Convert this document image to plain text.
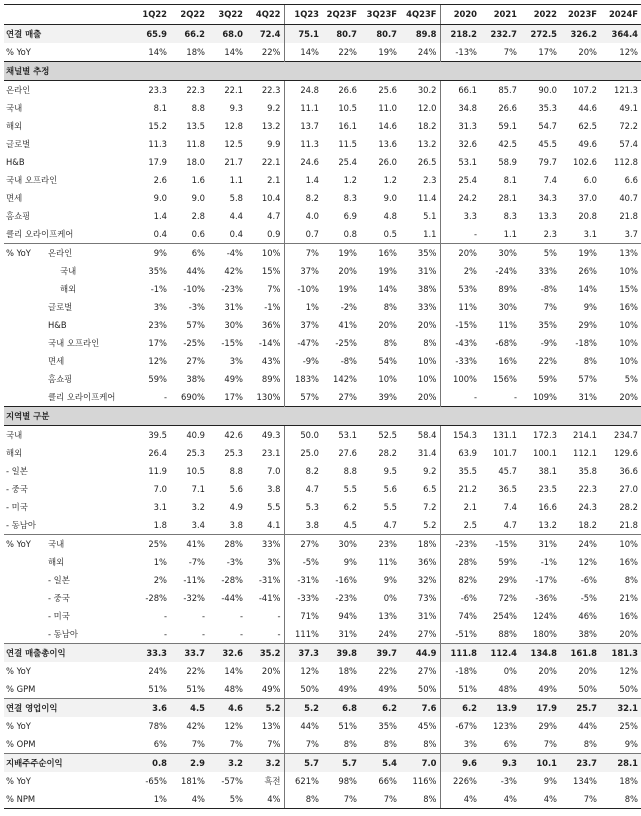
		1Q22	2Q22	3Q22	4Q22	1Q23	2Q23F	3Q23F	4Q23F	2020	2021	2022	2023F	2024F
연결 매출		65.9	66.2	68.0	72.4	75.1	80.7	80.7	89.8	218.2	232.7	272.5	326.2	364.4
% YoY		14%	18%	14%	22%	14%	22%	19%	24%	-13%	7%	17%	20%	12%
채널별 추정														
온라인		23.3	22.3	22.1	22.3	24.8	26.6	25.6	30.2	66.1	85.7	90.0	107.2	121.3
국내		8.1	8.8	9.3	9.2	11.1	10.5	11.0	12.0	34.8	26.6	35.3	44.6	49.1
해외		15.2	13.5	12.8	13.2	13.7	16.1	14.6	18.2	31.3	59.1	54.7	62.5	72.2
글로벌		11.3	11.8	12.5	9.9	11.3	11.5	13.6	13.2	32.6	42.5	45.5	49.6	57.4
H&B		17.9	18.0	21.7	22.1	24.6	25.4	26.0	26.5	53.1	58.9	79.7	102.6	112.8
국내 오프라인		2.6	1.6	1.1	2.1	1.4	1.2	1.2	2.3	25.4	8.1	7.4	6.0	6.6
면세		9.0	9.0	5.8	10.4	8.2	8.3	9.0	11.4	24.2	28.1	34.3	37.0	40.7
홈쇼핑		1.4	2.8	4.4	4.7	4.0	6.9	4.8	5.1	3.3	8.3	13.3	20.8	21.8
클리 오라이프케어		0.4	0.6	0.4	0.9	0.7	0.8	0.5	1.1	-	1.1	2.3	3.1	3.7
% YoY	온라인	9%	6%	-4%	10%	7%	19%	16%	35%	20%	30%	5%	19%	13%
	국내	35%	44%	42%	15%	37%	20%	19%	31%	2%	-24%	33%	26%	10%
	해외	-1%	-10%	-23%	7%	-10%	19%	14%	38%	53%	89%	-8%	14%	15%
	글로벌	3%	-3%	31%	-1%	1%	-2%	8%	33%	11%	30%	7%	9%	16%
	H&B	23%	57%	30%	36%	37%	41%	20%	20%	-15%	11%	35%	29%	10%
	국내 오프라인	17%	-25%	-15%	-14%	-47%	-25%	8%	8%	-43%	-68%	-9%	-18%	10%
	면세	12%	27%	3%	43%	-9%	-8%	54%	10%	-33%	16%	22%	8%	10%
	홈쇼핑	59%	38%	49%	89%	183%	142%	10%	10%	100%	156%	59%	57%	5%
	클리 오라이프케어	-	690%	17%	130%	57%	27%	39%	20%	-	-	109%	31%	20%
지역별 구분														
국내		39.5	40.9	42.6	49.3	50.0	53.1	52.5	58.4	154.3	131.1	172.3	214.1	234.7
해외		26.4	25.3	25.3	23.1	25.0	27.6	28.2	31.4	63.9	101.7	100.1	112.1	129.6
- 일본		11.9	10.5	8.8	7.0	8.2	8.8	9.5	9.2	35.5	45.7	38.1	35.8	36.6
- 중국		7.0	7.1	5.6	3.8	4.7	5.5	5.6	6.5	21.2	36.5	23.5	22.3	27.0
- 미국		3.1	3.2	4.9	5.5	5.3	6.2	5.5	7.2	2.1	7.4	16.6	24.3	28.2
- 동남아		1.8	3.4	3.8	4.1	3.8	4.5	4.7	5.2	2.5	4.7	13.2	18.2	21.8
% YoY	국내	25%	41%	28%	33%	27%	30%	23%	18%	-23%	-15%	31%	24%	10%
	해외	1%	-7%	-3%	3%	-5%	9%	11%	36%	28%	59%	-1%	12%	16%
	- 일본	2%	-11%	-28%	-31%	-31%	-16%	9%	32%	82%	29%	-17%	-6%	8%
	- 중국	-28%	-32%	-44%	-41%	-33%	-23%	0%	73%	-6%	72%	-36%	-5%	21%
	- 미국	-	-	-	-	71%	94%	13%	31%	74%	254%	124%	46%	16%
	- 동남아	-	-	-	-	111%	31%	24%	27%	-51%	88%	180%	38%	20%
연결 매출총이익		33.3	33.7	32.6	35.2	37.3	39.8	39.7	44.9	111.8	112.4	134.8	161.8	181.3
% YoY		24%	22%	14%	20%	12%	18%	22%	27%	-18%	0%	20%	20%	12%
% GPM		51%	51%	48%	49%	50%	49%	49%	50%	51%	48%	49%	50%	50%
연결 영업이익		3.6	4.5	4.6	5.2	5.2	6.8	6.2	7.6	6.2	13.9	17.9	25.7	32.1
% YoY		78%	42%	12%	13%	44%	51%	35%	45%	-67%	123%	29%	44%	25%
% OPM		6%	7%	7%	7%	7%	8%	8%	8%	3%	6%	7%	8%	9%
지배주주순이익		0.8	2.9	3.2	3.2	5.7	5.7	5.4	7.0	9.6	9.3	10.1	23.7	28.1
% YoY		-65%	181%	-57%	흑전	621%	98%	66%	116%	226%	-3%	9%	134%	18%
% NPM		1%	4%	5%	4%	8%	7%	7%	8%	4%	4%	4%	7%	8%
